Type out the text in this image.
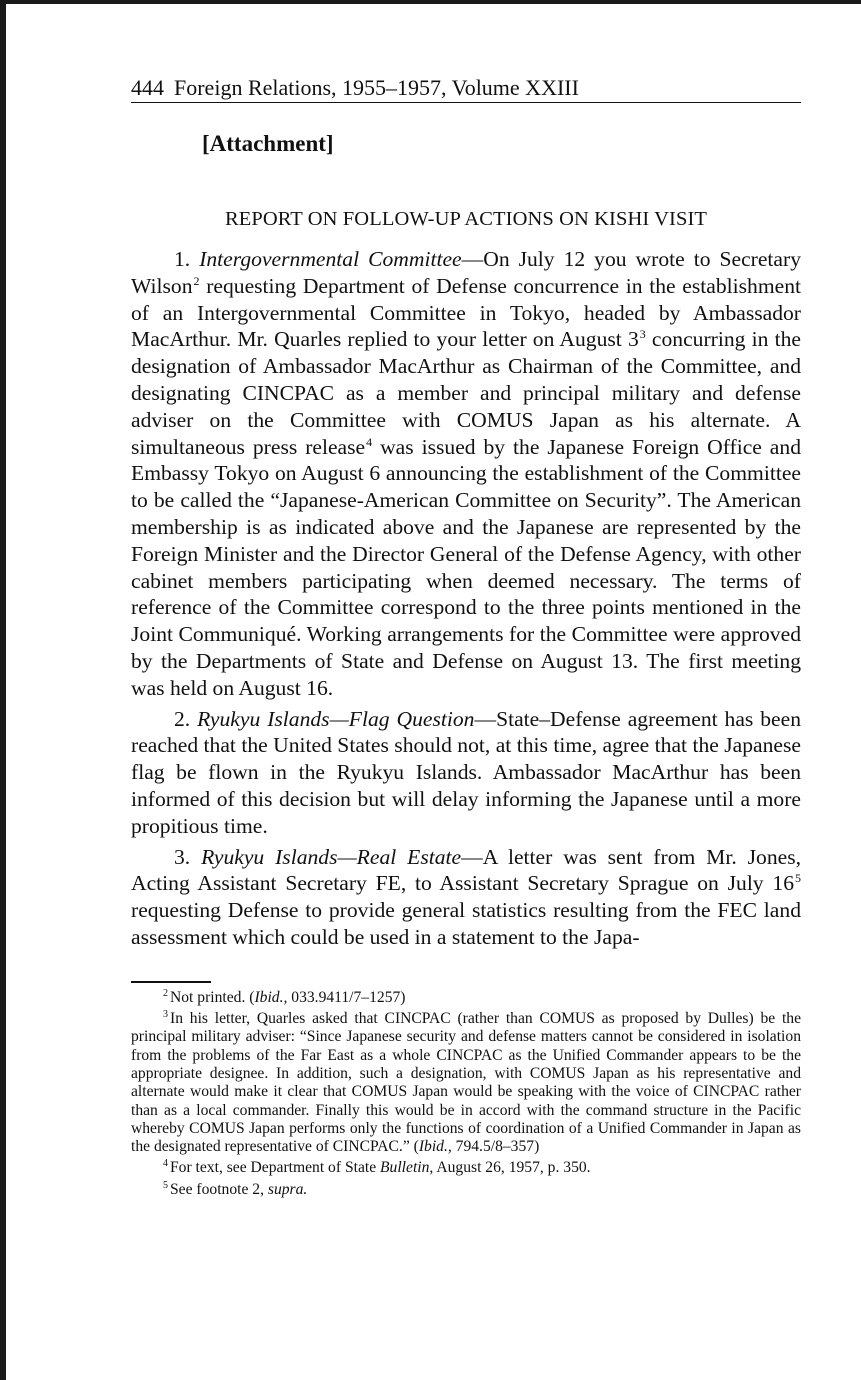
444 Foreign Relations, 1955–1957, Volume XXIII
[Attachment]
REPORT ON FOLLOW-UP ACTIONS ON KISHI VISIT

1. Intergovernmental Committee—On July 12 you wrote to Secretary Wilson$^2$ requesting Department of Defense concurrence in the establishment of an Intergovernmental Committee in Tokyo, headed by Ambassador MacArthur. Mr. Quarles replied to your letter on August 3$^3$ concurring in the designation of Ambassador MacArthur as Chairman of the Committee, and designating CINCPAC as a member and principal military and defense adviser on the Committee with COMUS Japan as his alternate. A simultaneous press release$^4$ was issued by the Japanese Foreign Office and Embassy Tokyo on August 6 announcing the establishment of the Committee to be called the “Japanese-American Committee on Security”. The American membership is as indicated above and the Japanese are represented by the Foreign Minister and the Director General of the Defense Agency, with other cabinet members participating when deemed necessary. The terms of reference of the Committee correspond to the three points mentioned in the Joint Communiqué. Working arrangements for the Committee were approved by the Departments of State and Defense on August 13. The first meeting was held on August 16.

2. Ryukyu Islands—Flag Question—State–Defense agreement has been reached that the United States should not, at this time, agree that the Japanese flag be flown in the Ryukyu Islands. Ambassador MacArthur has been informed of this decision but will delay informing the Japanese until a more propitious time.

3. Ryukyu Islands—Real Estate—A letter was sent from Mr. Jones, Acting Assistant Secretary FE, to Assistant Secretary Sprague on July 16$^5$ requesting Defense to provide general statistics resulting from the FEC land assessment which could be used in a statement to the Japa-

$^2$ Not printed. (Ibid., 033.9411/7–1257)

$^3$ In his letter, Quarles asked that CINCPAC (rather than COMUS as proposed by Dulles) be the principal military adviser: “Since Japanese security and defense matters cannot be considered in isolation from the problems of the Far East as a whole CINCPAC as the Unified Commander appears to be the appropriate designee. In addition, such a designation, with COMUS Japan as his representative and alternate would make it clear that COMUS Japan would be speaking with the voice of CINCPAC rather than as a local commander. Finally this would be in accord with the command structure in the Pacific whereby COMUS Japan performs only the functions of coordination of a Unified Commander in Japan as the designated representative of CINCPAC.” (Ibid., 794.5/8–357)

$^4$ For text, see Department of State Bulletin, August 26, 1957, p. 350.

$^5$ See footnote 2, supra.
